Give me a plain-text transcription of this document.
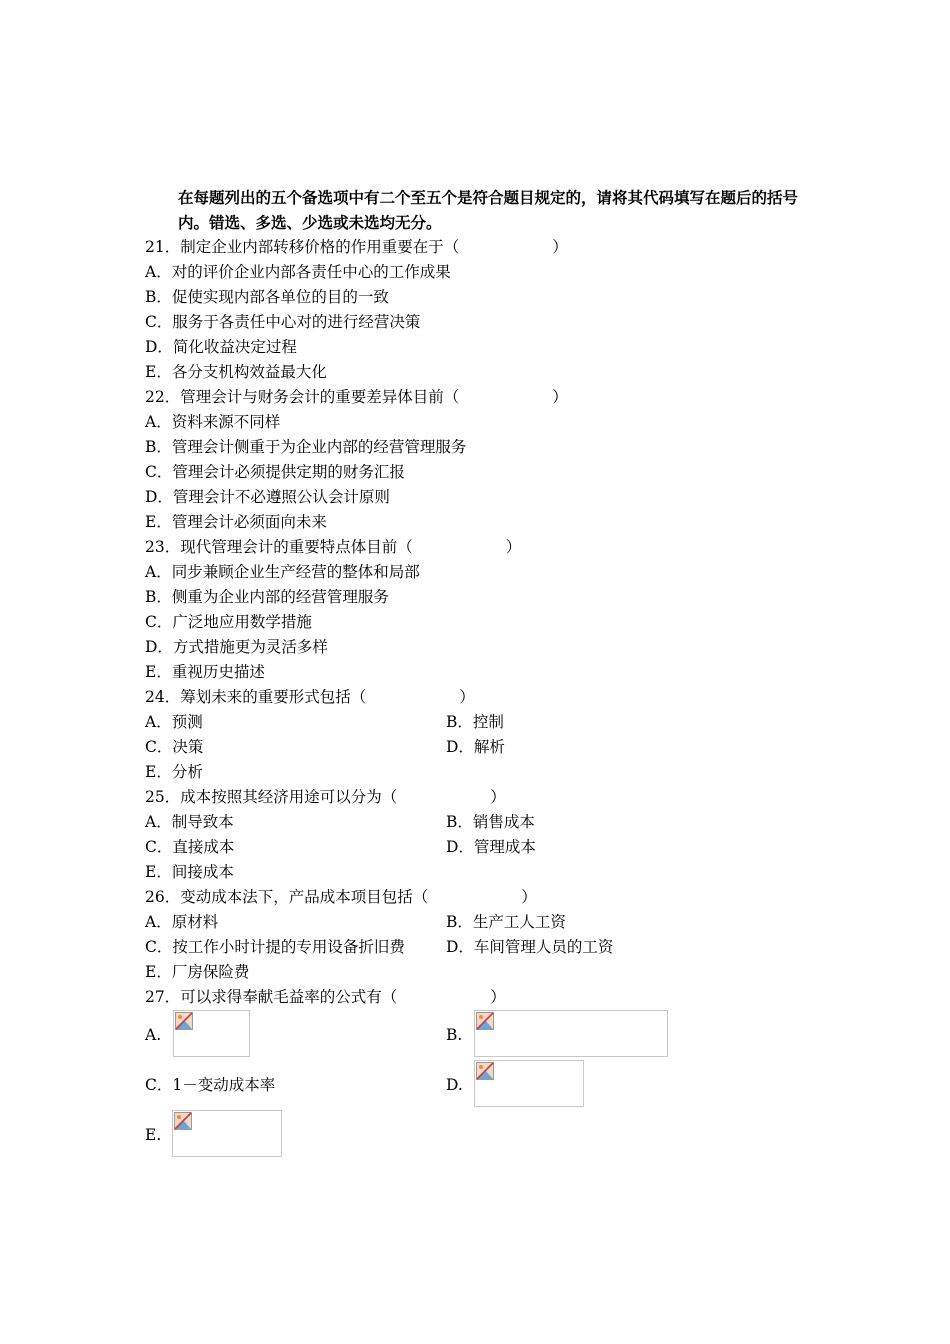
在每题列出的五个备选项中有二个至五个是符合题目规定的，请将其代码填写在题后的括号内。错选、多选、少选或未选均无分。
21．制定企业内部转移价格的作用重要在于（　　　　　　）
A．对的评价企业内部各责任中心的工作成果
B．促使实现内部各单位的目的一致
C．服务于各责任中心对的进行经营决策
D．简化收益决定过程
E．各分支机构效益最大化
22．管理会计与财务会计的重要差异体目前（　　　　　　）
A．资料来源不同样
B．管理会计侧重于为企业内部的经营管理服务
C．管理会计必须提供定期的财务汇报
D．管理会计不必遵照公认会计原则
E．管理会计必须面向未来
23．现代管理会计的重要特点体目前（　　　　　　）
A．同步兼顾企业生产经营的整体和局部
B．侧重为企业内部的经营管理服务
C．广泛地应用数学措施
D．方式措施更为灵活多样
E．重视历史描述
24．筹划未来的重要形式包括（　　　　　　）
A．预测	B．控制
C．决策	D．解析
E．分析
25．成本按照其经济用途可以分为（　　　　　　）
A．制导致本	B．销售成本
C．直接成本	D．管理成本
E．间接成本
26．变动成本法下，产品成本项目包括（　　　　　　）
A．原材料	B．生产工人工资
C．按工作小时计提的专用设备折旧费	D．车间管理人员的工资
E．厂房保险费
27．可以求得奉献毛益率的公式有（　　　　　　）
A.	B.
C．1－变动成本率	D.
E.
